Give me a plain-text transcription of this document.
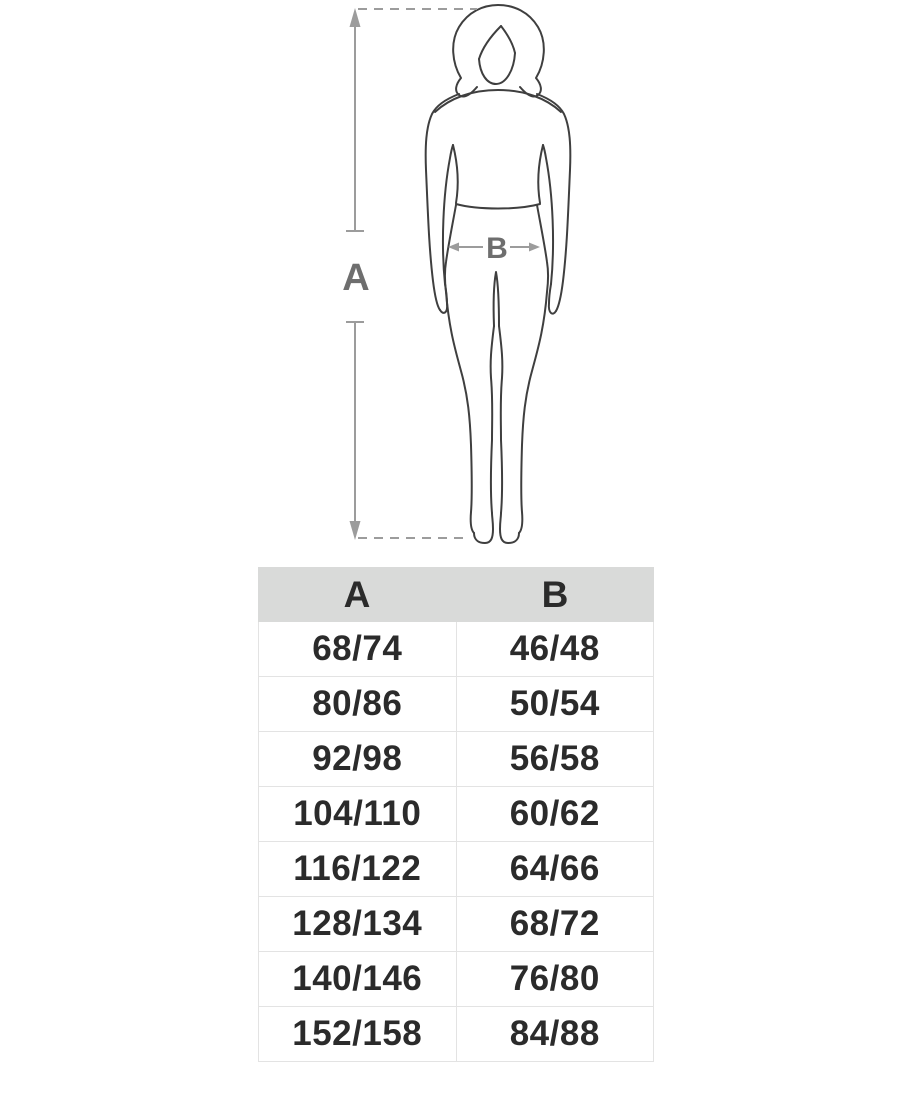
A
B
A	B
68/74	46/48
80/86	50/54
92/98	56/58
104/110	60/62
116/122	64/66
128/134	68/72
140/146	76/80
152/158	84/88
